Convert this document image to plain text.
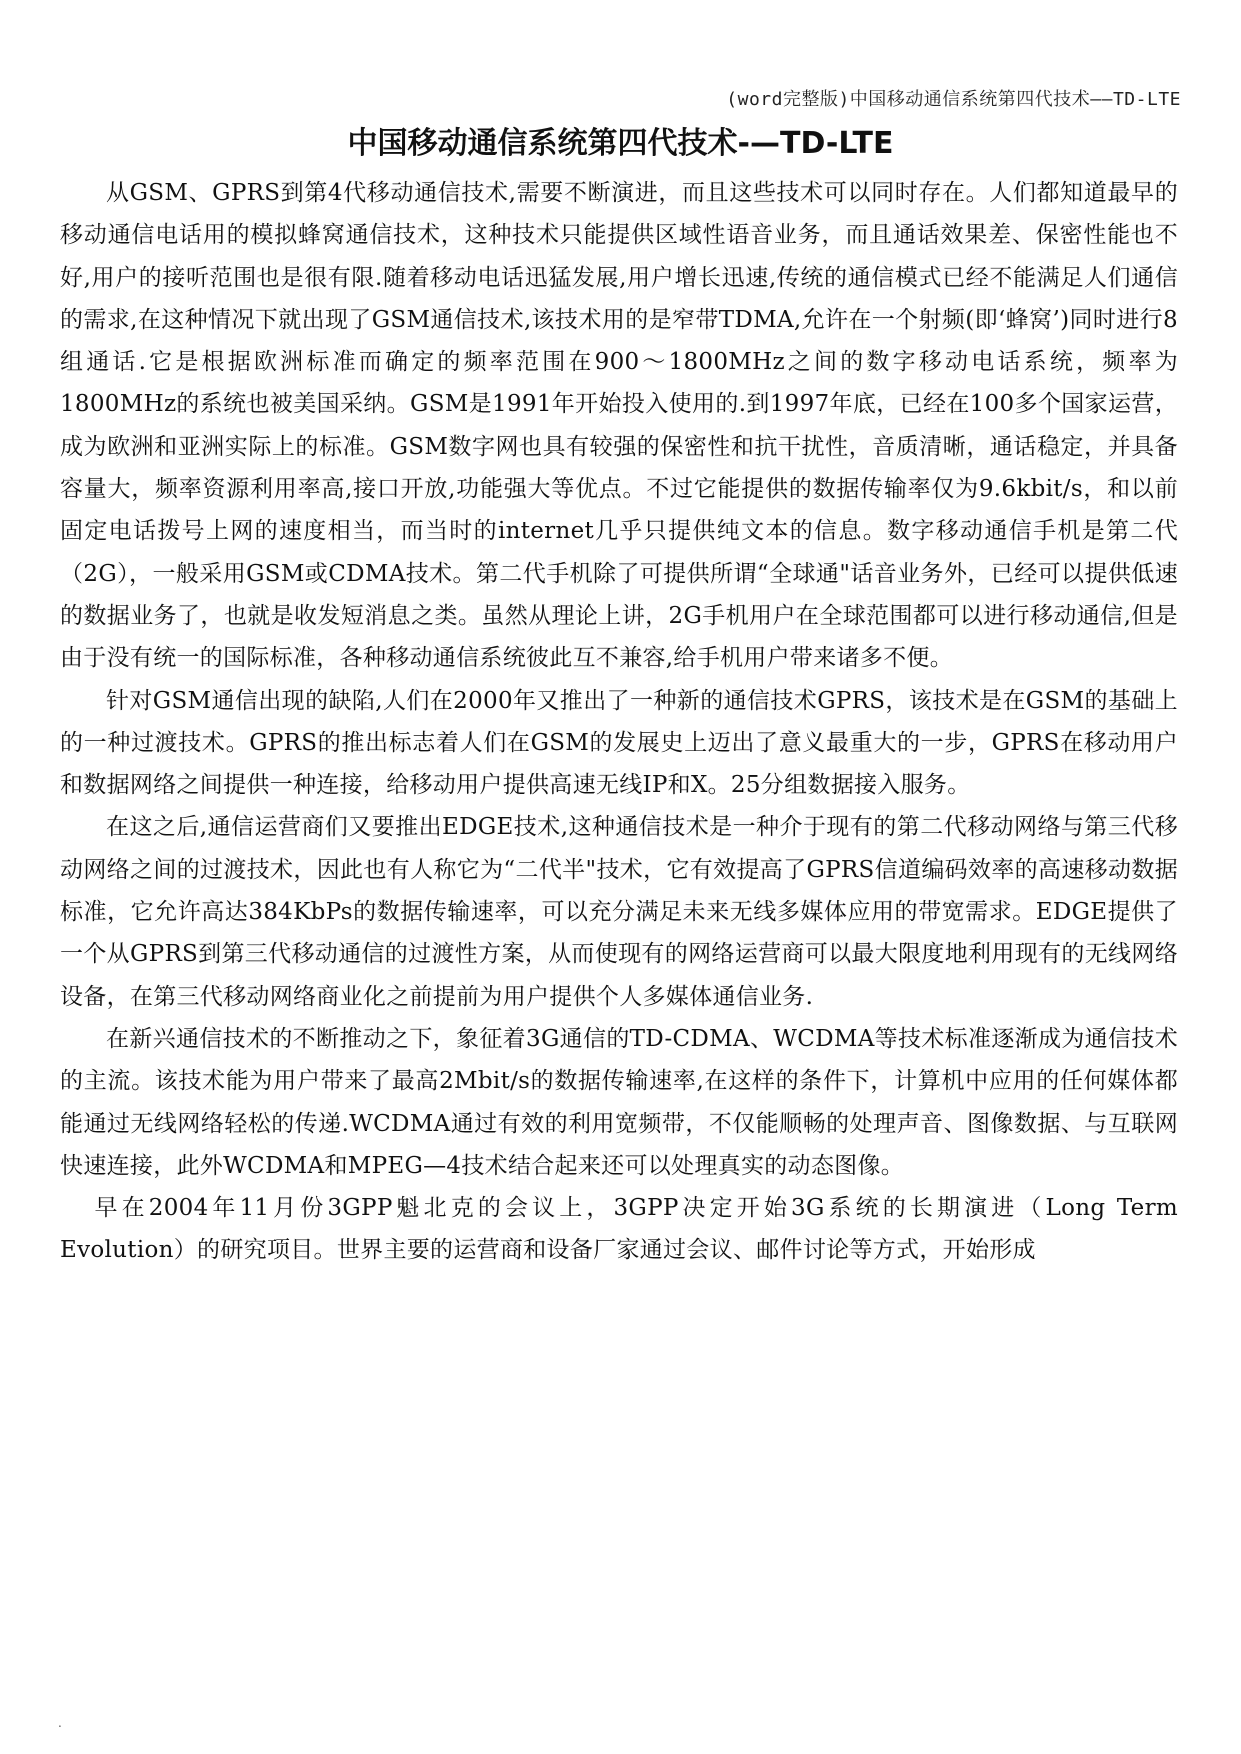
(word完整版)中国移动通信系统第四代技术——TD-LTE
中国移动通信系统第四代技术-—TD-LTE

从GSM、GPRS到第4代移动通信技术,需要不断演进，而且这些技术可以同时存在。人们都知道最早的移动通信电话用的模拟蜂窝通信技术，这种技术只能提供区域性语音业务，而且通话效果差、保密性能也不好,用户的接听范围也是很有限.随着移动电话迅猛发展,用户增长迅速,传统的通信模式已经不能满足人们通信的需求,在这种情况下就出现了GSM通信技术,该技术用的是窄带TDMA,允许在一个射频(即‘蜂窝’)同时进行8组通话.它是根据欧洲标准而确定的频率范围在900～1800MHz之间的数字移动电话系统，频率为1800MHz的系统也被美国采纳。GSM是1991年开始投入使用的.到1997年底，已经在100多个国家运营，成为欧洲和亚洲实际上的标准。GSM数字网也具有较强的保密性和抗干扰性，音质清晰，通话稳定，并具备容量大，频率资源利用率高,接口开放,功能强大等优点。不过它能提供的数据传输率仅为9.6kbit/s，和以前固定电话拨号上网的速度相当，而当时的internet几乎只提供纯文本的信息。数字移动通信手机是第二代（2G），一般采用GSM或CDMA技术。第二代手机除了可提供所谓“全球通"话音业务外，已经可以提供低速的数据业务了，也就是收发短消息之类。虽然从理论上讲，2G手机用户在全球范围都可以进行移动通信,但是由于没有统一的国际标准，各种移动通信系统彼此互不兼容,给手机用户带来诸多不便。

针对GSM通信出现的缺陷,人们在2000年又推出了一种新的通信技术GPRS，该技术是在GSM的基础上的一种过渡技术。GPRS的推出标志着人们在GSM的发展史上迈出了意义最重大的一步，GPRS在移动用户和数据网络之间提供一种连接，给移动用户提供高速无线IP和X。25分组数据接入服务。

在这之后,通信运营商们又要推出EDGE技术,这种通信技术是一种介于现有的第二代移动网络与第三代移动网络之间的过渡技术，因此也有人称它为“二代半"技术，它有效提高了GPRS信道编码效率的高速移动数据标准，它允许高达384KbPs的数据传输速率，可以充分满足未来无线多媒体应用的带宽需求。EDGE提供了一个从GPRS到第三代移动通信的过渡性方案，从而使现有的网络运营商可以最大限度地利用现有的无线网络设备，在第三代移动网络商业化之前提前为用户提供个人多媒体通信业务.

在新兴通信技术的不断推动之下，象征着3G通信的TD-CDMA、WCDMA等技术标准逐渐成为通信技术的主流。该技术能为用户带来了最高2Mbit/s的数据传输速率,在这样的条件下，计算机中应用的任何媒体都能通过无线网络轻松的传递.WCDMA通过有效的利用宽频带，不仅能顺畅的处理声音、图像数据、与互联网快速连接，此外WCDMA和MPEG—4技术结合起来还可以处理真实的动态图像。

早在2004年11月份3GPP魁北克的会议上，3GPP决定开始3G系统的长期演进（Long Term Evolution）的研究项目。世界主要的运营商和设备厂家通过会议、邮件讨论等方式，开始形成

.
